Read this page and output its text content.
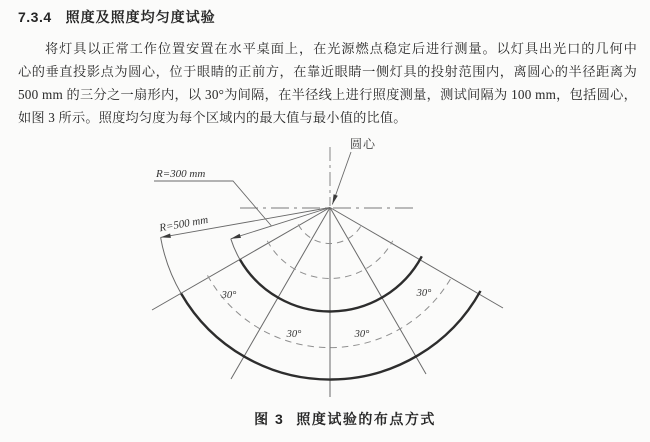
7.3.4 照度及照度均匀度试验
将灯具以正常工作位置安置在水平桌面上，在光源燃点稳定后进行测量。以灯具出光口的几何中
心的垂直投影点为圆心，位于眼睛的正前方，在靠近眼睛一侧灯具的投射范围内，离圆心的半径距离为
500 mm 的三分之一扇形内，以 30°为间隔，在半径线上进行照度测量，测试间隔为 100 mm，包括圆心，
如图 3 所示。照度均匀度为每个区域内的最大值与最小值的比值。
R=500 mm
R=300 mm
圆心
30°	30°
30°	30°
图 3 照度试验的布点方式
